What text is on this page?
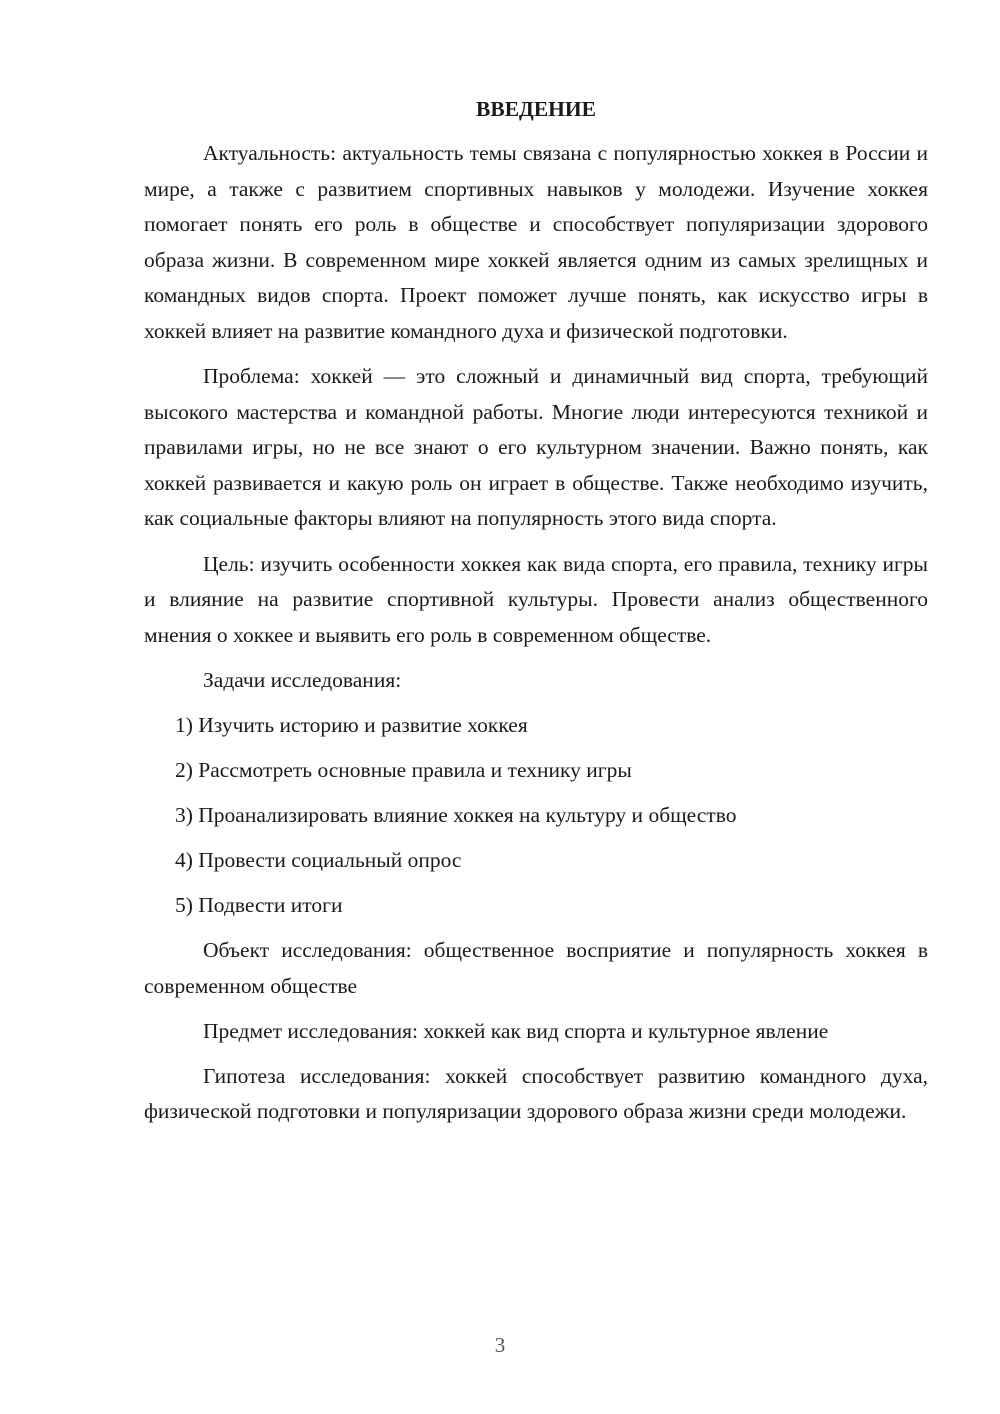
ВВЕДЕНИЕ

Актуальность: актуальность темы связана с популярностью хоккея в России и мире, а также с развитием спортивных навыков у молодежи. Изучение хоккея помогает понять его роль в обществе и способствует популяризации здорового образа жизни. В современном мире хоккей является одним из самых зрелищных и командных видов спорта. Проект поможет лучше понять, как искусство игры в хоккей влияет на развитие командного духа и физической подготовки.

Проблема: хоккей — это сложный и динамичный вид спорта, требующий высокого мастерства и командной работы. Многие люди интересуются техникой и правилами игры, но не все знают о его культурном значении. Важно понять, как хоккей развивается и какую роль он играет в обществе. Также необходимо изучить, как социальные факторы влияют на популярность этого вида спорта.

Цель: изучить особенности хоккея как вида спорта, его правила, технику игры и влияние на развитие спортивной культуры. Провести анализ общественного мнения о хоккее и выявить его роль в современном обществе.

Задачи исследования:

1) Изучить историю и развитие хоккея

2) Рассмотреть основные правила и технику игры

3) Проанализировать влияние хоккея на культуру и общество

4) Провести социальный опрос

5) Подвести итоги

Объект исследования: общественное восприятие и популярность хоккея в современном обществе

Предмет исследования: хоккей как вид спорта и культурное явление

Гипотеза исследования: хоккей способствует развитию командного духа, физической подготовки и популяризации здорового образа жизни среди молодежи.

3
